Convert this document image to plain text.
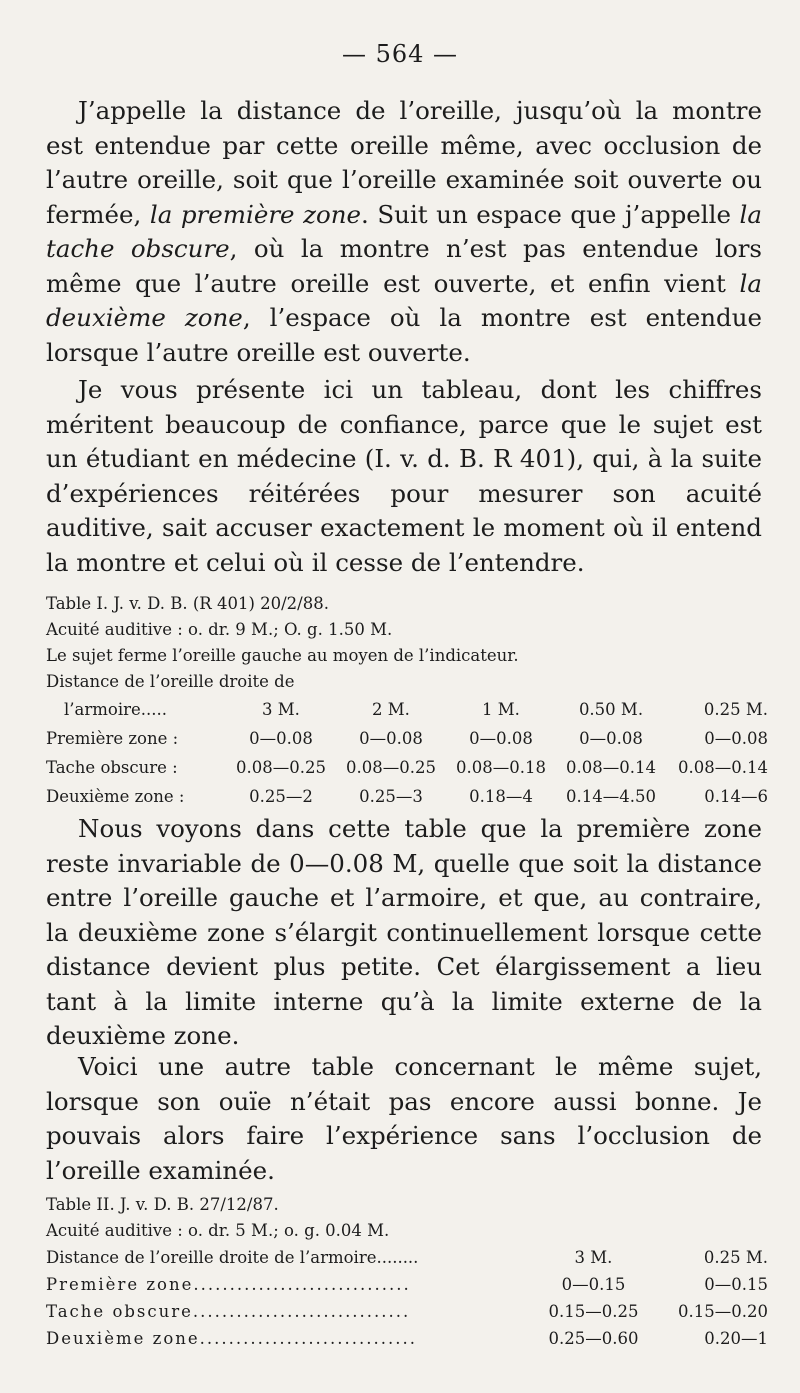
— 564 —

J’appelle la distance de l’oreille, jusqu’où la montre est entendue par cette oreille même, avec occlusion de l’autre oreille, soit que l’oreille examinée soit ouverte ou fermée, la première zone. Suit un espace que j’appelle la tache obscure, où la montre n’est pas entendue lors même que l’autre oreille est ouverte, et enfin vient la deuxième zone, l’espace où la montre est entendue lorsque l’autre oreille est ouverte.

Je vous présente ici un tableau, dont les chiffres méritent beaucoup de confiance, parce que le sujet est un étudiant en médecine (I. v. d. B. R 401), qui, à la suite d’expériences réitérées pour mesurer son acuité auditive, sait accuser exactement le moment où il entend la montre et celui où il cesse de l’entendre.

Table I. J. v. D. B. (R 401) 20/2/88.
Acuité auditive : o. dr. 9 M.; O. g. 1.50 M.
Le sujet ferme l’oreille gauche au moyen de l’indicateur.
Distance de l’oreille droite de
l’armoire.....	3 M.	2 M.	1 M.	0.50 M.	0.25 M.
Première zone :	0—0.08	0—0.08	0—0.08	0—0.08	0—0.08
Tache obscure :	0.08—0.25	0.08—0.25	0.08—0.18	0.08—0.14	0.08—0.14
Deuxième zone :	0.25—2	0.25—3	0.18—4	0.14—4.50	0.14—6

Nous voyons dans cette table que la première zone reste invariable de 0—0.08 M, quelle que soit la distance entre l’oreille gauche et l’armoire, et que, au contraire, la deuxième zone s’élargit continuellement lorsque cette distance devient plus petite. Cet élargissement a lieu tant à la limite interne qu’à la limite externe de la deuxième zone.

Voici une autre table concernant le même sujet, lorsque son ouïe n’était pas encore aussi bonne. Je pouvais alors faire l’expérience sans l’occlusion de l’oreille examinée.

Table II. J. v. D. B. 27/12/87.
Acuité auditive : o. dr. 5 M.; o. g. 0.04 M.
Distance de l’oreille droite de l’armoire........	3 M.	0.25 M.
Première zone..............................	0—0.15	0—0.15
Tache obscure..............................	0.15—0.25	0.15—0.20
Deuxième zone..............................	0.25—0.60	0.20—1
